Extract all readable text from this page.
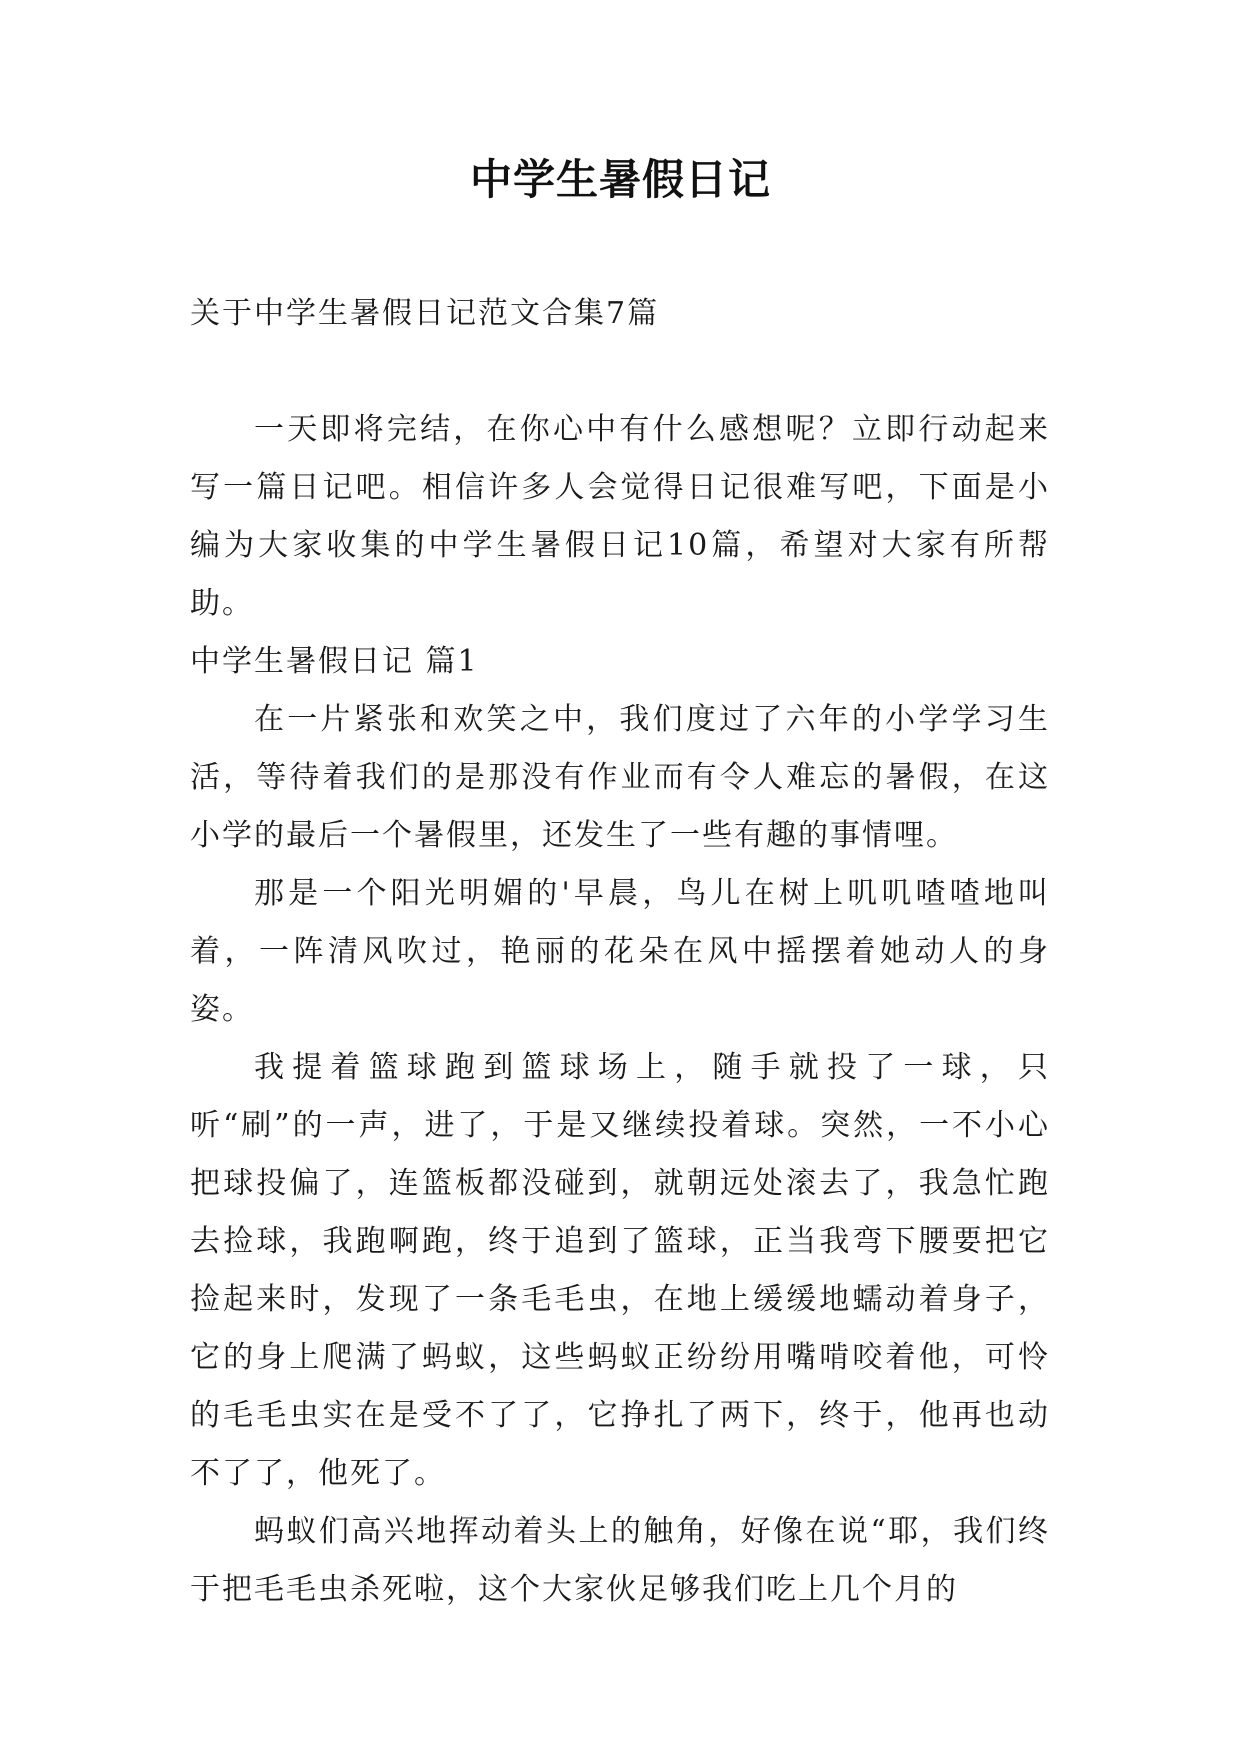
中学生暑假日记

关于中学生暑假日记范文合集7篇

一天即将完结，在你心中有什么感想呢？立即行动起来写一篇日记吧。相信许多人会觉得日记很难写吧，下面是小编为大家收集的中学生暑假日记10篇，希望对大家有所帮助。

中学生暑假日记 篇1

在一片紧张和欢笑之中，我们度过了六年的小学学习生活，等待着我们的是那没有作业而有令人难忘的暑假，在这小学的最后一个暑假里，还发生了一些有趣的事情哩。

那是一个阳光明媚的'早晨，鸟儿在树上叽叽喳喳地叫着，一阵清风吹过，艳丽的花朵在风中摇摆着她动人的身姿。

我提着篮球跑到篮球场上，随手就投了一球，只听“刷”的一声，进了，于是又继续投着球。突然，一不小心把球投偏了，连篮板都没碰到，就朝远处滚去了，我急忙跑去捡球，我跑啊跑，终于追到了篮球，正当我弯下腰要把它捡起来时，发现了一条毛毛虫，在地上缓缓地蠕动着身子，它的身上爬满了蚂蚁，这些蚂蚁正纷纷用嘴啃咬着他，可怜的毛毛虫实在是受不了了，它挣扎了两下，终于，他再也动不了了，他死了。

蚂蚁们高兴地挥动着头上的触角，好像在说“耶，我们终于把毛毛虫杀死啦，这个大家伙足够我们吃上几个月的
